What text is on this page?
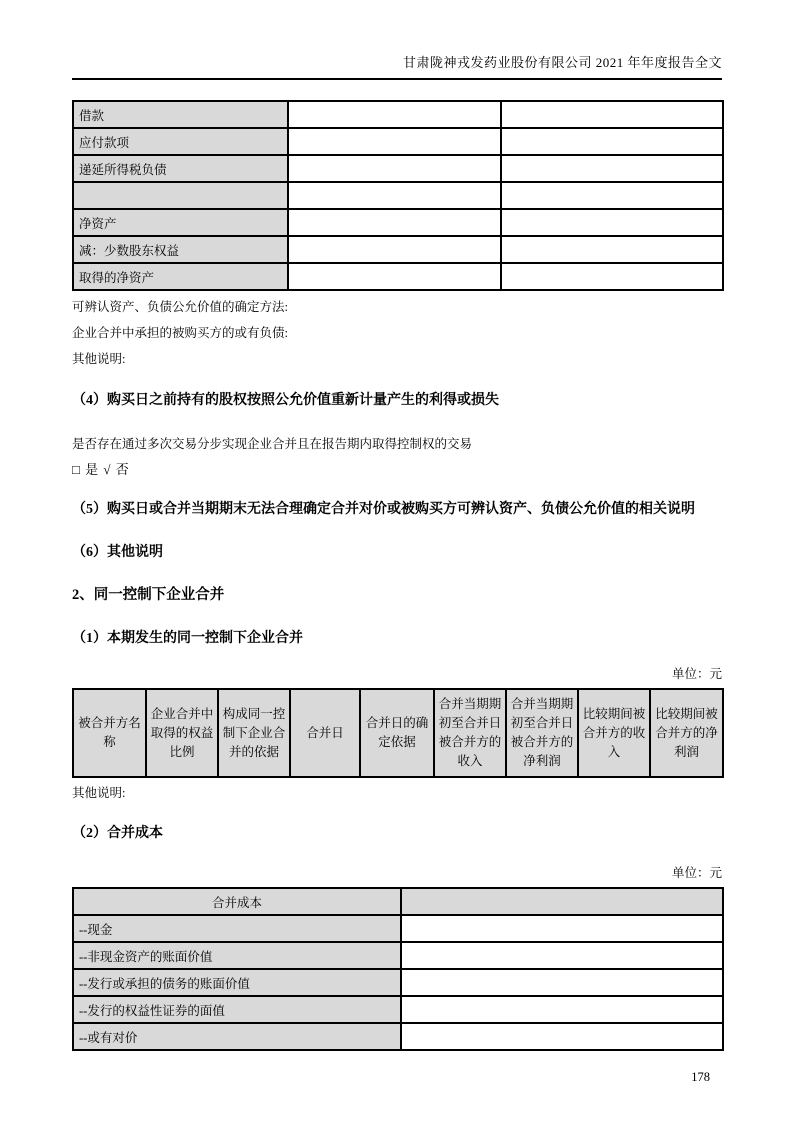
甘肃陇神戎发药业股份有限公司 2021 年年度报告全文
借款		
应付款项		
递延所得税负债		

净资产		
减：少数股东权益		
取得的净资产		
可辨认资产、负债公允价值的确定方法:
企业合并中承担的被购买方的或有负债:
其他说明:
（4）购买日之前持有的股权按照公允价值重新计量产生的利得或损失
是否存在通过多次交易分步实现企业合并且在报告期内取得控制权的交易
□ 是 √ 否
（5）购买日或合并当期期末无法合理确定合并对价或被购买方可辨认资产、负债公允价值的相关说明
（6）其他说明
2、同一控制下企业合并
（1）本期发生的同一控制下企业合并
单位：元
被合并方名称	企业合并中取得的权益比例	构成同一控制下企业合并的依据	合并日	合并日的确定依据	合并当期期初至合并日被合并方的收入	合并当期期初至合并日被合并方的净利润	比较期间被合并方的收入	比较期间被合并方的净利润
其他说明:
（2）合并成本
单位：元
合并成本	
--现金	
--非现金资产的账面价值	
--发行或承担的债务的账面价值	
--发行的权益性证券的面值	
--或有对价	
178
